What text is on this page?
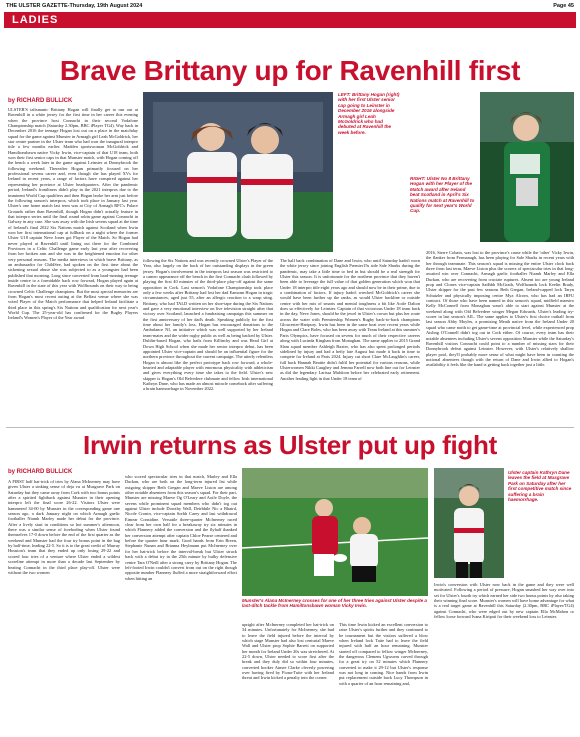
THE ULSTER GAZETTE-Thursday, 19th August 2024	Page 45
LADIES
Brave Brittany up for Ravenhill first
by RICHARD BULLICK
ULSTER'S talismanic Brittany Hogan will finally get to run out at Ravenhill in a white jersey for the first time in her career this evening when the province host Connacht in their second Vodafone Championship match (Saturday 2.30pm, BBC iPlayer TG4). Way back in December 2016 the teenage Hogan lost out on a place in the matchday squad for the game against Munster in Armagh girl Leah McGoldrick, her star centre partner in the Ulster team who had won the inaugural interpro title a few months earlier. Madden sportswoman McGoldrick and Hamiltonsbawn native Vicky Irwin, vice-captain of that U18 team, both won their first senior caps in that Munster match, with Hogan coming off the bench a week later in the game against Leinster at Donnybrook the following weekend. Thereafter Hogan primarily focused on her professional sevens career and, even though she has played XVs for Ireland in recent years, a range of factors have conspired against her representing her province at Ulster headquarters. After the pandemic period, Ireland's frontliners didn't play in the 2021 interpros due to the imminent World Cup qualifiers and then Hogan broke her arm just before the following season's interpros, which took place in January last year. Ulster's one home match last term was at City of Armagh RFC's Palace Grounds rather than Ravenhill, though Hogan didn't actually feature in that interpro series until the final round robin game against Connacht in Galway in any case. She was away with the Irish sevens squad at the time of Ireland's final 2022 Six Nations match against Scotland when Irwin won her first international cap at fullback on a night where the former Ulster U18 captain Neve Jones got Player of the Match. So Hogan had never played at Ravenhill until lining out there for the Combined Provinces in a Celtic Challenge game early last year after recovering from her broken arm and she was in the heightened emotion for other very personal reasons. The media interviews in which brave Brittany, as an ambassador for ChildSee, had spoken on the first time about the sickening sexual abuse she was subjected to as a youngster had been published that morning. Long since converted from hard-running teenage inside centre to a formidable back row forward, Hogan played again at Ravenhill in the state of this year with Wolfhounds on their way to being crowned Celtic Challenge champions. But the most special memories are from Hogan's most recent outing at the Belfast venue where she was voted Player of the Match performance that helped Ireland facilitate a third place in this spring's Six Nations and qualification for next year's World Cup. The 25-year-old has confirmed for the Rugby Players Ireland's Women's Player of the Year award
LEFT: Brittany Hogan (right) with her first Ulster senior cap going to Leinster in December 2016 alongside Armagh girl Leah McGoldrick who had debuted at Ravenhill the week before.
RIGHT: Ulster No 8 Brittany Hogan with her Player of the Match award after Ireland beat Scotland in April's Six Nations match at Ravenhill to qualify for next year's World Cup.
following the Six Nations and was recently crowned Ulster's Player of the Year, also largely on the back of her outstanding displays in the green jersey. Hogan's involvement in the interpros last season was restricted to a cameo appearance off the bench in the first Connacht clash followed by playing the first 40 minutes of the third-place play-off against the same opposition in Cork. Last season's Vodafone Championship took place only a few weeks after Brittany had lost her dad Eamonn Hogan in tragic circumstances, aged just 55, after an allergic reaction to a wasp sting. Brittany, who had TALD written on her shoe-tape during the Six Nations and gave a very emotional interview on live television straight after that victory over Scotland, launched a fundraising campaign this summer on the first anniversary of her dad's death. Speaking publicly for the first time about her family's loss, Hogan has encouraged donations to the Ambulance NI, an initiative which was well supported by her Ireland team-mates and the wider rugby public as well as being backed by Ulster. Dublin-based Hogan, who hails from Killinchy and was Head Girl at Down High School when she made her senior interpro debut, has been appointed Ulster vice-captain and should be an influential figure for the northern province throughout the current campaign. The utterly relentless Hogan is almost like the perfect prototype back row forward, a whole-hearted and adaptable player with enormous physicality with athleticism and gives everything every time she takes to the field. Ulster's new skipper is Hogan's Old Belvedere clubmate and fellow Irish international Kathryn Dane, who has made an almost miracle comeback after suffering a brain haemorrhage in November 2022.
The half back combination of Dane and Irwin, who until Saturday hadn't worn the white jersey since joining English Premier15s side Sale Sharks during the pandemic, may take a little time to bed in but should be a real strength for Ulster this season. It is unfortunate for the northern province that they haven't been able to leverage the full value of that golden generation which won that Under 18 interpro title eight years ago and should now be in their prime, due to a combination of factors. If injury hadn't wrecked McGoldrick's career she would have been further up the ranks, as would Ulster backline or outside centre with her mix of smarts and mental toughness a bit like Aoife Dalton does so effectively for Leinster. Captain of that victorious Under 18 team back in the day, Neve Jones, should be the jewel in Ulster's crown but plus her route across the water with Premiership Women's Rugby back-to-back champions Gloucester-Hartpury. Irwin has been in the same boat over recent years while Hogan and Clare Boles, who has been away with Team Ireland at this summer's Paris Olympics, have focused on sevens for much of their respective careers along with Lucinda Kinghan from Monaghan. The same applies to 2015 Grand Slam squad member Ashleigh Baxter, who has also spent prolonged periods sidelined by injury and had a hefty late August but made it back in time to compete for Ireland at Paris 2024. Injury cut short Clare McLaughlin's career, full back Hannah Beattie didn't fulfil her potential for various reasons, while Ulsterwomen Nikki Caughey and Jemma Farrell now both line out for Leinster as did the legendary Larissa Muldoon before her celebrated early retirement. Another leading light in that Under 18 team of
2016, Sterre Cobain, was lost to the province's cause while the 'other' Vicky Irwin, the flanker from Fermanagh, has been playing for Sale Sharks in recent years with her through teammate. This season's squad is missing the entire Ulster clock back three from last term, Maeve Liston plus the scorers of spectacular tries in that long-awaited win over Connacht, Armagh gaelic footballer Niamh Marley and Ella Durkan, who are recovering from cruciate ruptures. Absent too are young Ireland prop and Clones vice-captain Sadhbh McGrath, Wolfhounds lock Keelin Brady, Ulster skipper for the past few seasons Beth Gregan, Ireland-capped lock Taryn Schutzler and physically imposing centre Mya Alcorn, who has had an IRFU contract. Of those who have been named in this season's squad, midfield maestro Kelly McConnell from Monaghan wasn't able to start against Munster at the weekend along with Old Belvedere winger Megan Edwards, Ulster's leading try-scorer in last season's AIL. The same applies to Ulster's first choice outhalf from last season Abby Moyles, a promising Meath native from the Ireland Under 20 squad who came north to get game-time at provincial level, while experienced prop Aisling O'Connell didn't tog out in Cork either. Of course, every team has their notable absentees including Ulster's sevens opposition Munster while the Saturday's Ravenhill visitors Connacht could point to a number of missing stars for their Donnybrook defeat against Leinster. However, with Ulster's relatively shallow player pool, they'll probably more sense of what might have been in counting the notional absentees though with the return of Dane and Irwin allied to Hogan's availability it feels like the band is getting back together just a little.
Irwin returns as Ulster put up fight
by RICHARD BULLICK
A FIRST half hat-trick of tries by Alana McInerney may have given Ulster a sinking sense of deja vu at Musgrave Park on Saturday but they came away from Cork with two bonus points after a spirited fightback against Munster in their opening interpro left the final score 26-22. Visitors Ulster were hammered 34-00 by Munster in the corresponding game one season ago, a dark January night on which Armagh gaelic footballer Niamh Marley made her debut for the province. After a lively start in conditions so hot summer's afternoon, there was a similar sense of foreboding when Ulster found themselves 17-0 down before the end of the first quarter as the weekend and Munster had the four try bonus point in the bag by half-time, leading 22-5. So it is to the great credit of Murray Houston's team that they ended up only losing 29-22 and scored four tries of a venture where Ulster ended a wildest scoreline attempt in more than a decade last September by beating Connacht in the third place play-off. Ulster were without the two women
who scored spectacular tries in that match, Marley and Ella Durkan, who are both on the long-term injured list while outgoing skipper Beth Gregan and Maeve Liston are among other notable absentees from this season's squad. For their part, Munster are missing Maeve Og O'Leary and Aoife Doyle, the sevens while prominent squad members who didn't tog out against Ulster include Dorothy Wall, Deirbhile Nic a Bhaird, Nicole Cronin, vice-captain Sorbh Carey and last withdrawal Eimear Considine. Versatile three-quarter McInerney raced clear from her own half for a breakaway try six minutes in which Flannery added the conversion and the flyhalf thanked her conversion attempt after captain Chloe Pearse centered and before the quarter hour mark. Good hands from Erin Breen, Stephanie Nunan and Brianna Heylmann put McInerney over for her hat-trick before the interval-break but Ulster struck back with a debut try in the 25th minute by bulky defensive centre Tara O'Neill after a strong carry by Brittany Hogan. The left-footed Irwin couldn't convert from out on the right though opposite number Flannery fluffed a more straightforward effort when hitting an
Munster's Alana McInerney crosses for one of her three tries against Ulster despite a last-ditch tackle from Hamiltonsbawn woman Vicky Irwin.
Ulster captain Kathryn Dane leaves the field at Musgrave Park on Saturday after her first competitive match since suffering a brain haemorrhage.
upright after McInerney completed her hat-trick on 34 minutes. Unfortunately for McInerney, she had to leave the field injured before the interval by which stage Munster had also lost centurial Maeve Wall and Ulster prop Sophie Barrett on supported her month for Ireland Under 20s was stretchered. At 22-5 down, Ulster needed to score first after the break and they duly did so within four minutes, converted hooker Aimee Clarke cleverly powering over having fired by Fiona-Tuite with her Ireland threat and Irwin kicked a penalty into the corner.
This time Irwin kicked an excellent conversion to raise Ulster's spirits further and they continued to be tournament but the visitors suffered a blow when Ireland lock Taite had to leave the field injured with half an hour remaining. Munster started off compared to fellow winger McInerney, the dangerous Clemens Ugwueru carved through for a great try on 52 minutes which Flannery converted to make it 29-12 but Ulster's response was not long in coming. Nice hands from Irwin put replacement outside back Lucy Thompson in with a quarter of an hour remaining and,
Irwin's conversion with Ulster now back in the game and they were well motivated. Following a period of pressure, Hogan smashed her way over into set for Ulster's fourth try which earned her side two bonus points by also taking their winning final score. Munster's women will have home advantage for what is a real target game at Ravenhill this Saturday (2.30pm, BBC iPlayer/TG4) against Connacht, who were edged out by new captain Ella McMahon or fellow loose forward Ivana Kiripati for their weekend loss to Leinster.
